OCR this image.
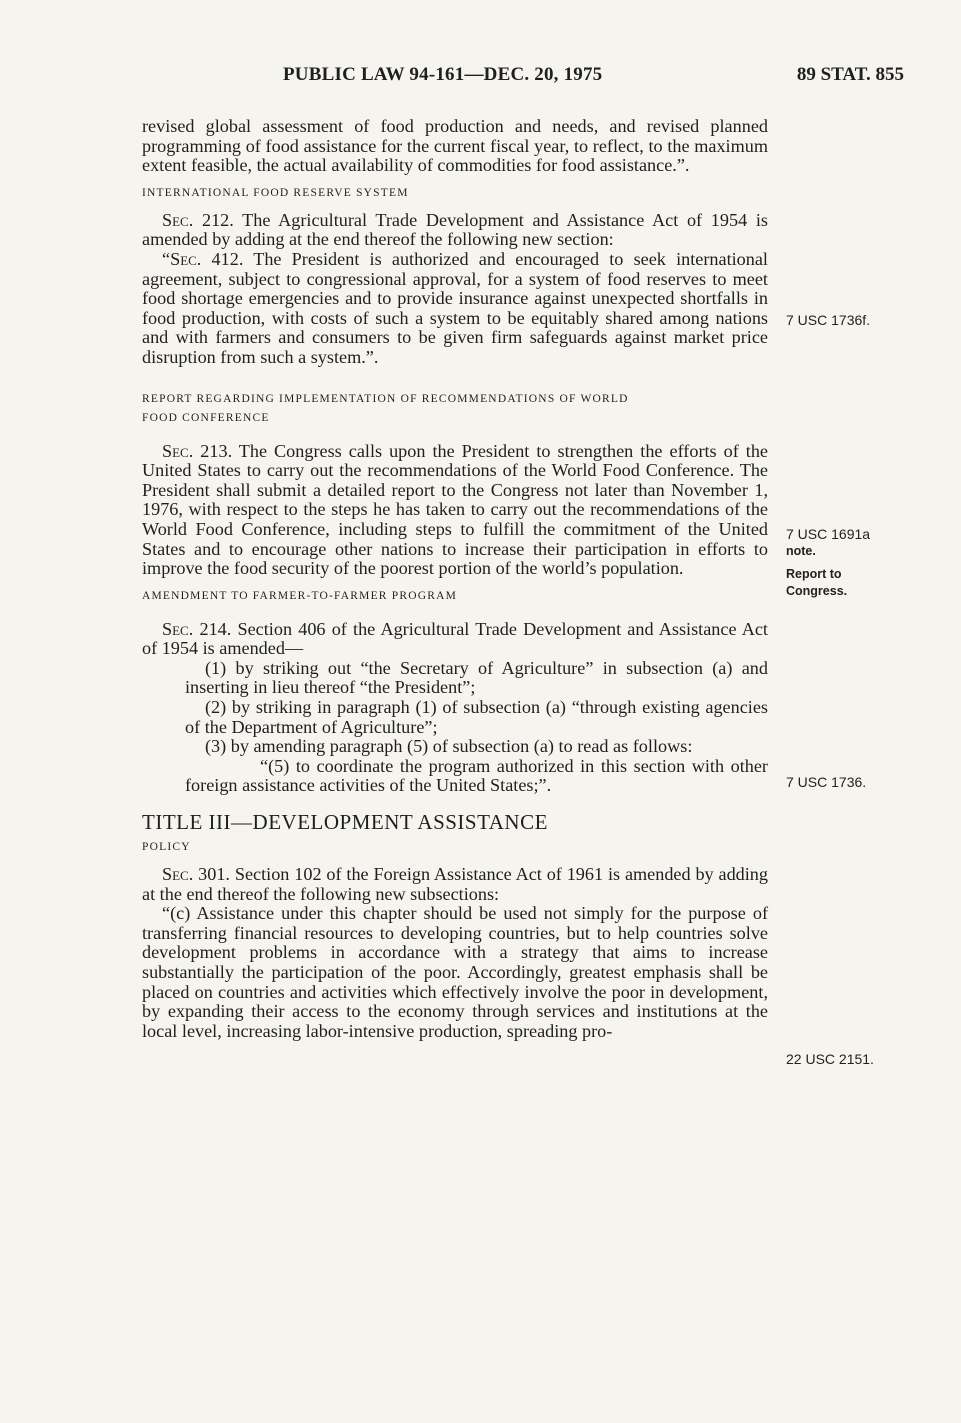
PUBLIC LAW 94-161—DEC. 20, 1975	89 STAT. 855

revised global assessment of food production and needs, and revised planned programming of food assistance for the current fiscal year, to reflect, to the maximum extent feasible, the actual availability of commodities for food assistance.”.

INTERNATIONAL FOOD RESERVE SYSTEM

Sec. 212. The Agricultural Trade Development and Assistance Act of 1954 is amended by adding at the end thereof the following new section:

“Sec. 412. The President is authorized and encouraged to seek international agreement, subject to congressional approval, for a system of food reserves to meet food shortage emergencies and to provide insurance against unexpected shortfalls in food production, with costs of such a system to be equitably shared among nations and with farmers and consumers to be given firm safeguards against market price disruption from such a system.”.

REPORT REGARDING IMPLEMENTATION OF RECOMMENDATIONS OF WORLD

FOOD CONFERENCE

Sec. 213. The Congress calls upon the President to strengthen the efforts of the United States to carry out the recommendations of the World Food Conference. The President shall submit a detailed report to the Congress not later than November 1, 1976, with respect to the steps he has taken to carry out the recommendations of the World Food Conference, including steps to fulfill the commitment of the United States and to encourage other nations to increase their participation in efforts to improve the food security of the poorest portion of the world’s population.

AMENDMENT TO FARMER-TO-FARMER PROGRAM

Sec. 214. Section 406 of the Agricultural Trade Development and Assistance Act of 1954 is amended—

(1) by striking out “the Secretary of Agriculture” in subsection (a) and inserting in lieu thereof “the President”;

(2) by striking in paragraph (1) of subsection (a) “through existing agencies of the Department of Agriculture”;

(3) by amending paragraph (5) of subsection (a) to read as follows:

“(5) to coordinate the program authorized in this section with other foreign assistance activities of the United States;”.

TITLE III—DEVELOPMENT ASSISTANCE

POLICY

Sec. 301. Section 102 of the Foreign Assistance Act of 1961 is amended by adding at the end thereof the following new subsections:

“(c) Assistance under this chapter should be used not simply for the purpose of transferring financial resources to developing countries, but to help countries solve development problems in accordance with a strategy that aims to increase substantially the participation of the poor. Accordingly, greatest emphasis shall be placed on countries and activities which effectively involve the poor in development, by expanding their access to the economy through services and institutions at the local level, increasing labor-intensive production, spreading pro-

7 USC 1736f.
7 USC 1691a
note.
Report to
Congress.
7 USC 1736.
22 USC 2151.
